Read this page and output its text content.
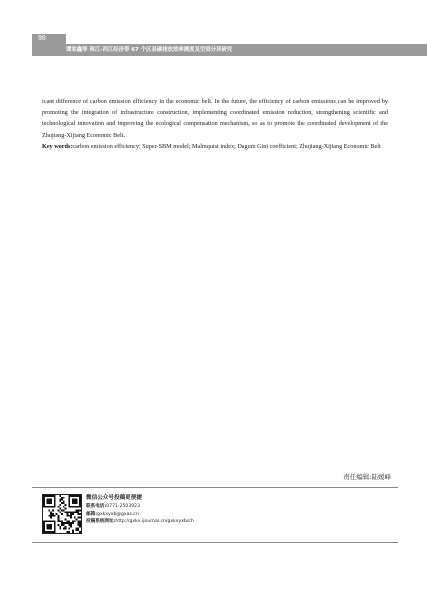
98
谭家鑫等 珠江-西江经济带 67 个区县碳排放效率测度及空间分异研究

icant difference of carbon emission efficiency in the economic belt. In the future, the efficiency of carbon emissions can be improved by promoting the integration of infrastructure construction, implementing coordinated emission reduction, strengthening scientific and technological innovation and improving the ecological compensation mechanism, so as to promote the coordinated development of the Zhujiang-Xijiang Economic Belt.

Key words:carbon emission efficiency; Super-SBM model; Malmquist index; Dagum Gini coefficient; Zhujiang-Xijiang Economic Belt

责任编辑:陆媛峰
微信公众号投稿更便捷
联系电话:0771-2503923
邮箱:gxkxyxb@gxas.cn
投稿系统网址:http://gxkx.ijournal.cn/gxkxyxb/ch
